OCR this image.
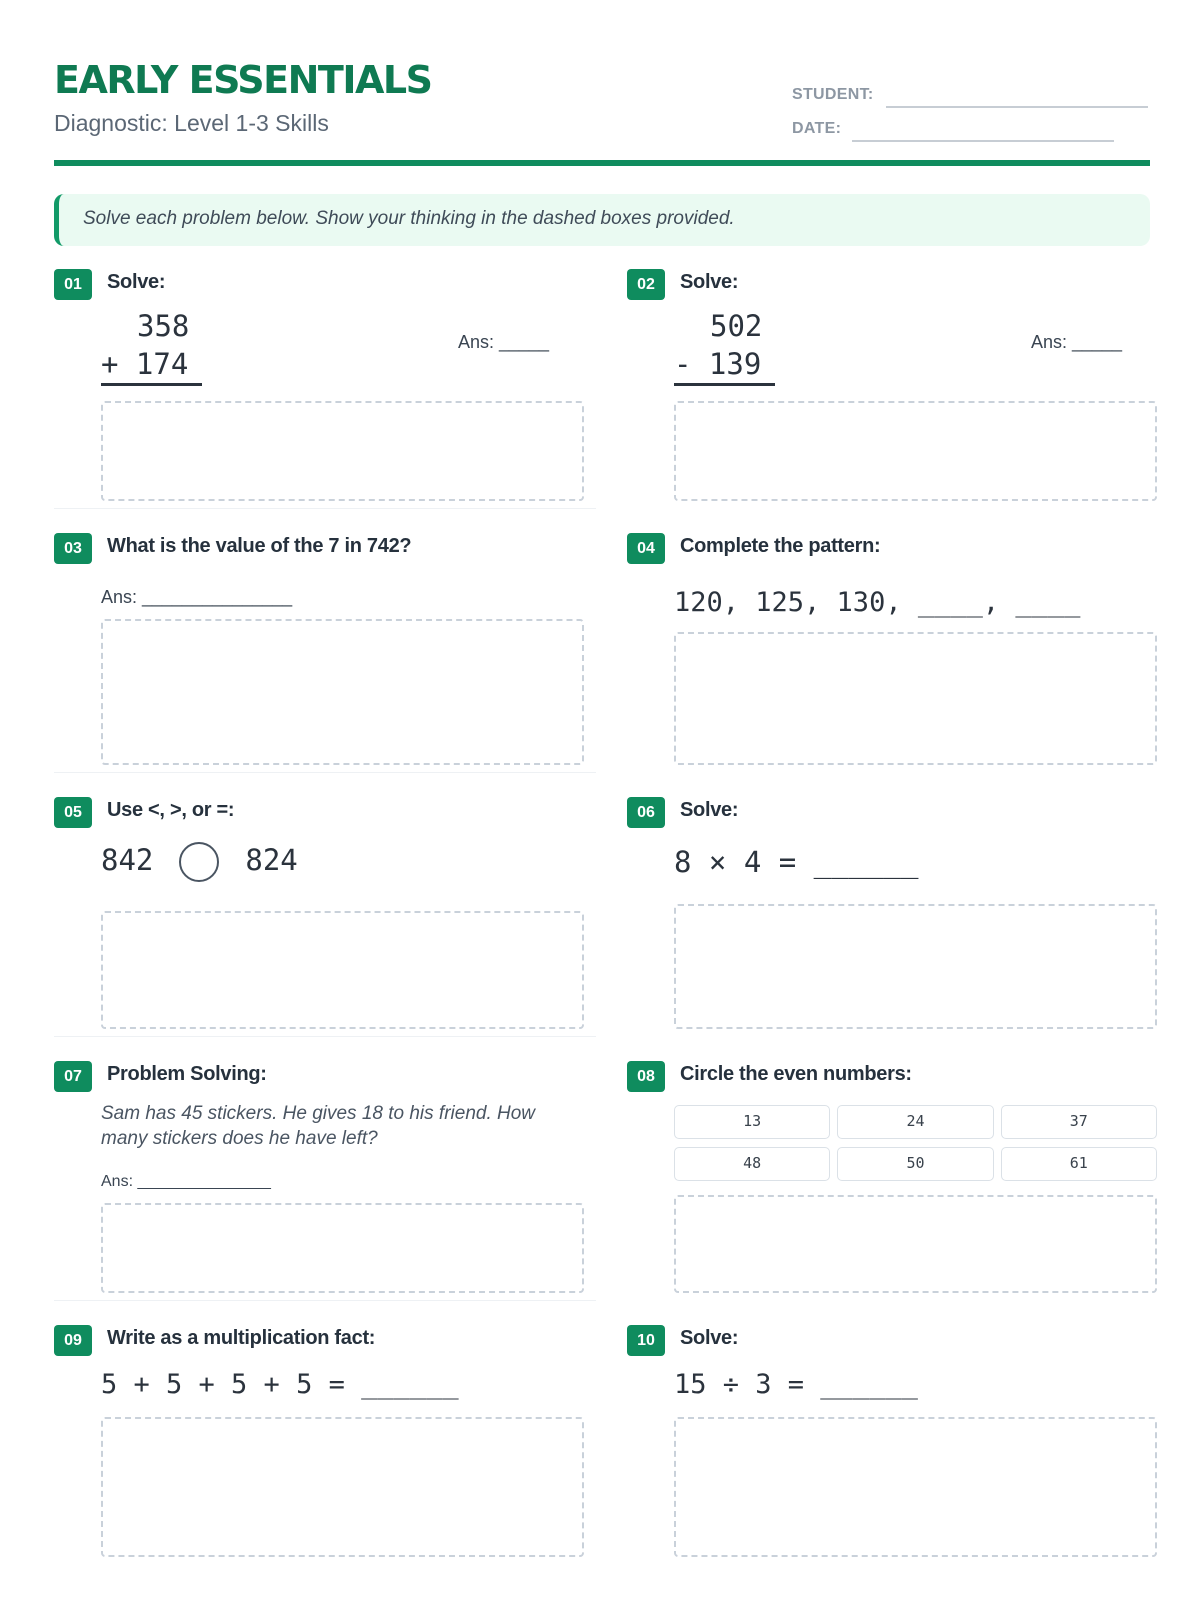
EARLY ESSENTIALS
Diagnostic: Level 1-3 Skills
STUDENT:
DATE:
Solve each problem below. Show your thinking in the dashed boxes provided.
01	Solve:
358
+ 174
Ans: _____
02	Solve:
502
- 139
Ans: _____
03	What is the value of the 7 in 742?
Ans: _______________
04	Complete the pattern:
120, 125, 130, ____, ____
05	Use <, >, or =:
842	824
06	Solve:
8 × 4 = ______
07	Problem Solving:
Sam has 45 stickers. He gives 18 to his friend. How many stickers does he have left?
Ans: _______________
08	Circle the even numbers:
13	24	37
48	50	61
09	Write as a multiplication fact:
5 + 5 + 5 + 5 = ______
10	Solve:
15 ÷ 3 = ______
